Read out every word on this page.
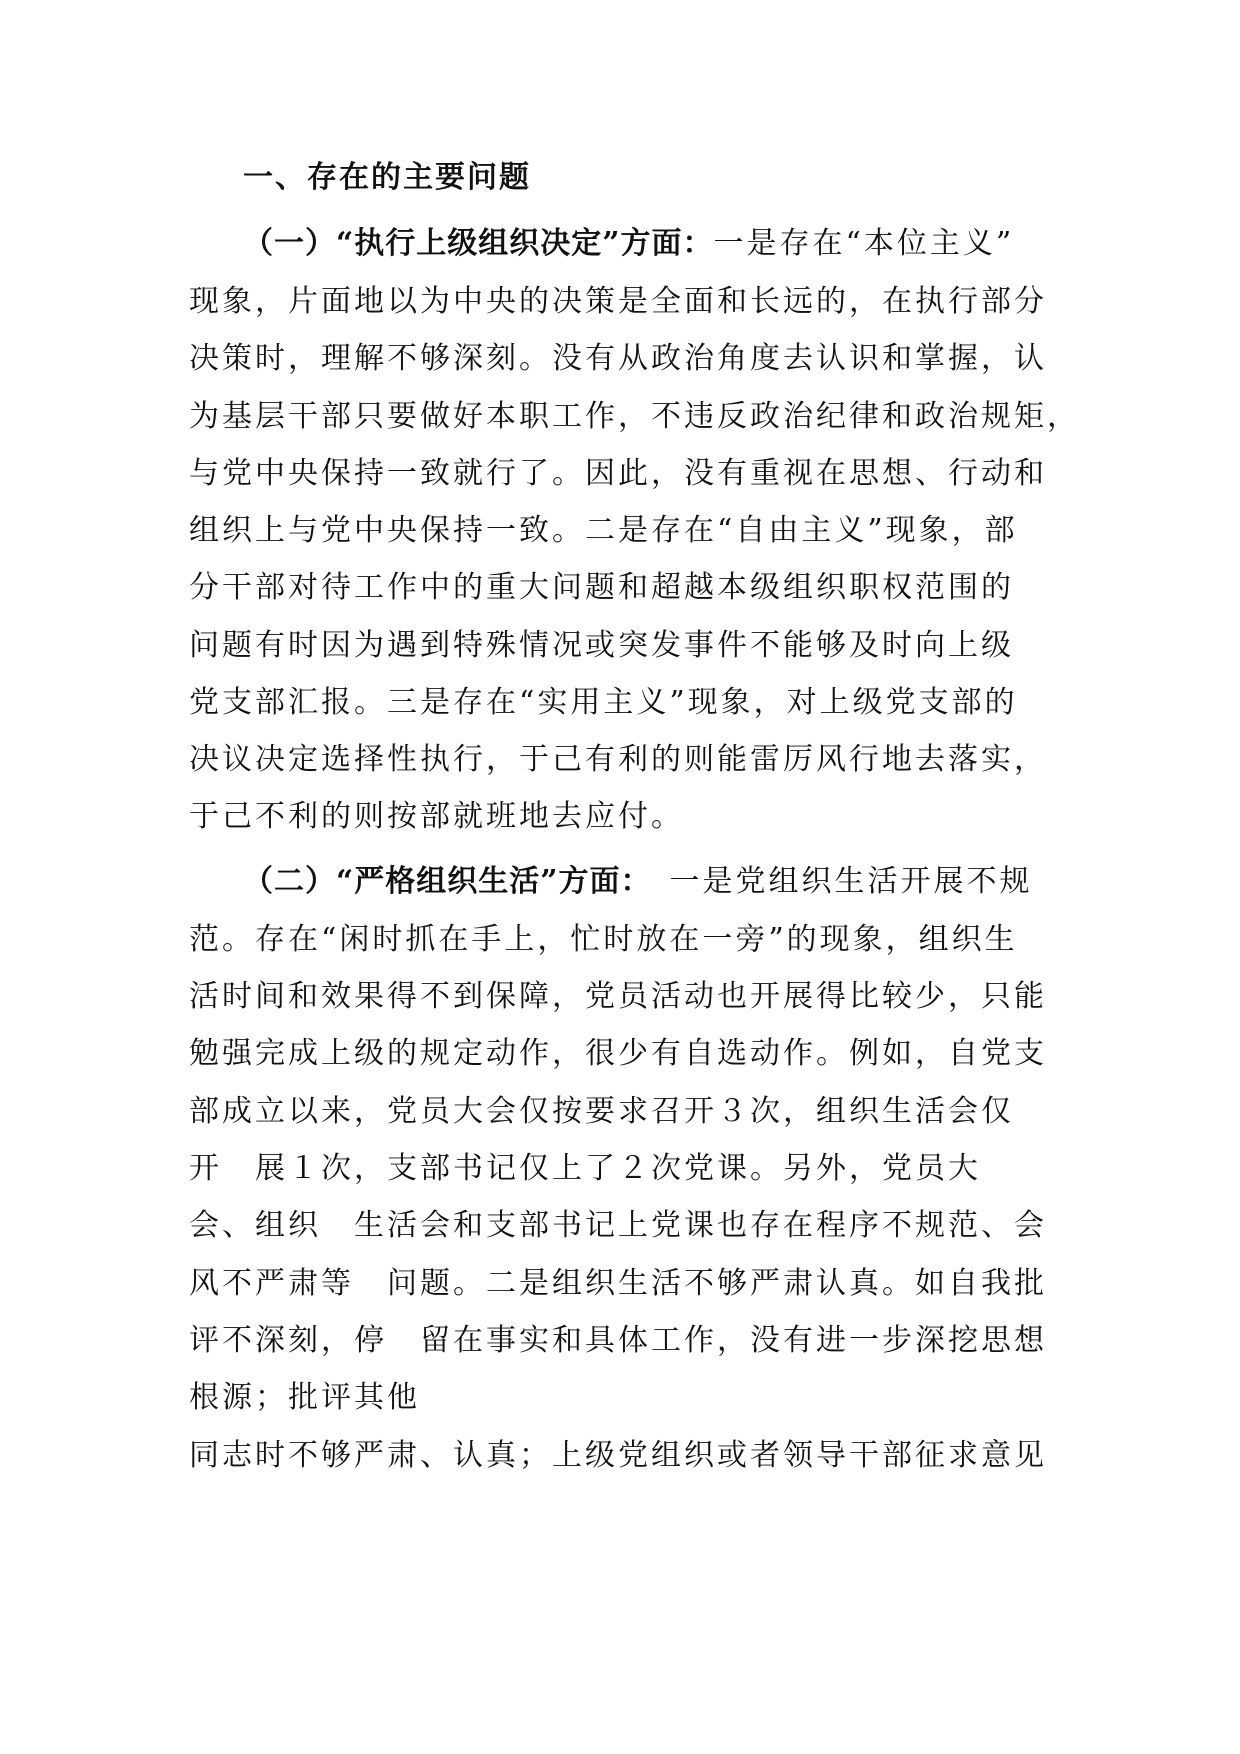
一、存在的主要问题
（一）“执行上级组织决定”方面：一是存在“本位主义”
现象，片面地以为中央的决策是全面和长远的，在执行部分
决策时，理解不够深刻。没有从政治角度去认识和掌握，认
为基层干部只要做好本职工作，不违反政治纪律和政治规矩，
与党中央保持一致就行了。因此，没有重视在思想、行动和
组织上与党中央保持一致。二是存在“自由主义”现象，部
分干部对待工作中的重大问题和超越本级组织职权范围的
问题有时因为遇到特殊情况或突发事件不能够及时向上级
党支部汇报。三是存在“实用主义”现象，对上级党支部的
决议决定选择性执行，于己有利的则能雷厉风行地去落实，
于己不利的则按部就班地去应付。
（二）“严格组织生活”方面：　一是党组织生活开展不规
范。存在“闲时抓在手上，忙时放在一旁”的现象，组织生
活时间和效果得不到保障，党员活动也开展得比较少，只能
勉强完成上级的规定动作，很少有自选动作。例如，自党支
部成立以来，党员大会仅按要求召开３次，组织生活会仅
开　展１次，支部书记仅上了２次党课。另外，党员大
会、组织　生活会和支部书记上党课也存在程序不规范、会
风不严肃等　问题。二是组织生活不够严肃认真。如自我批
评不深刻，停　留在事实和具体工作，没有进一步深挖思想
根源；批评其他
同志时不够严肃、认真；上级党组织或者领导干部征求意见
